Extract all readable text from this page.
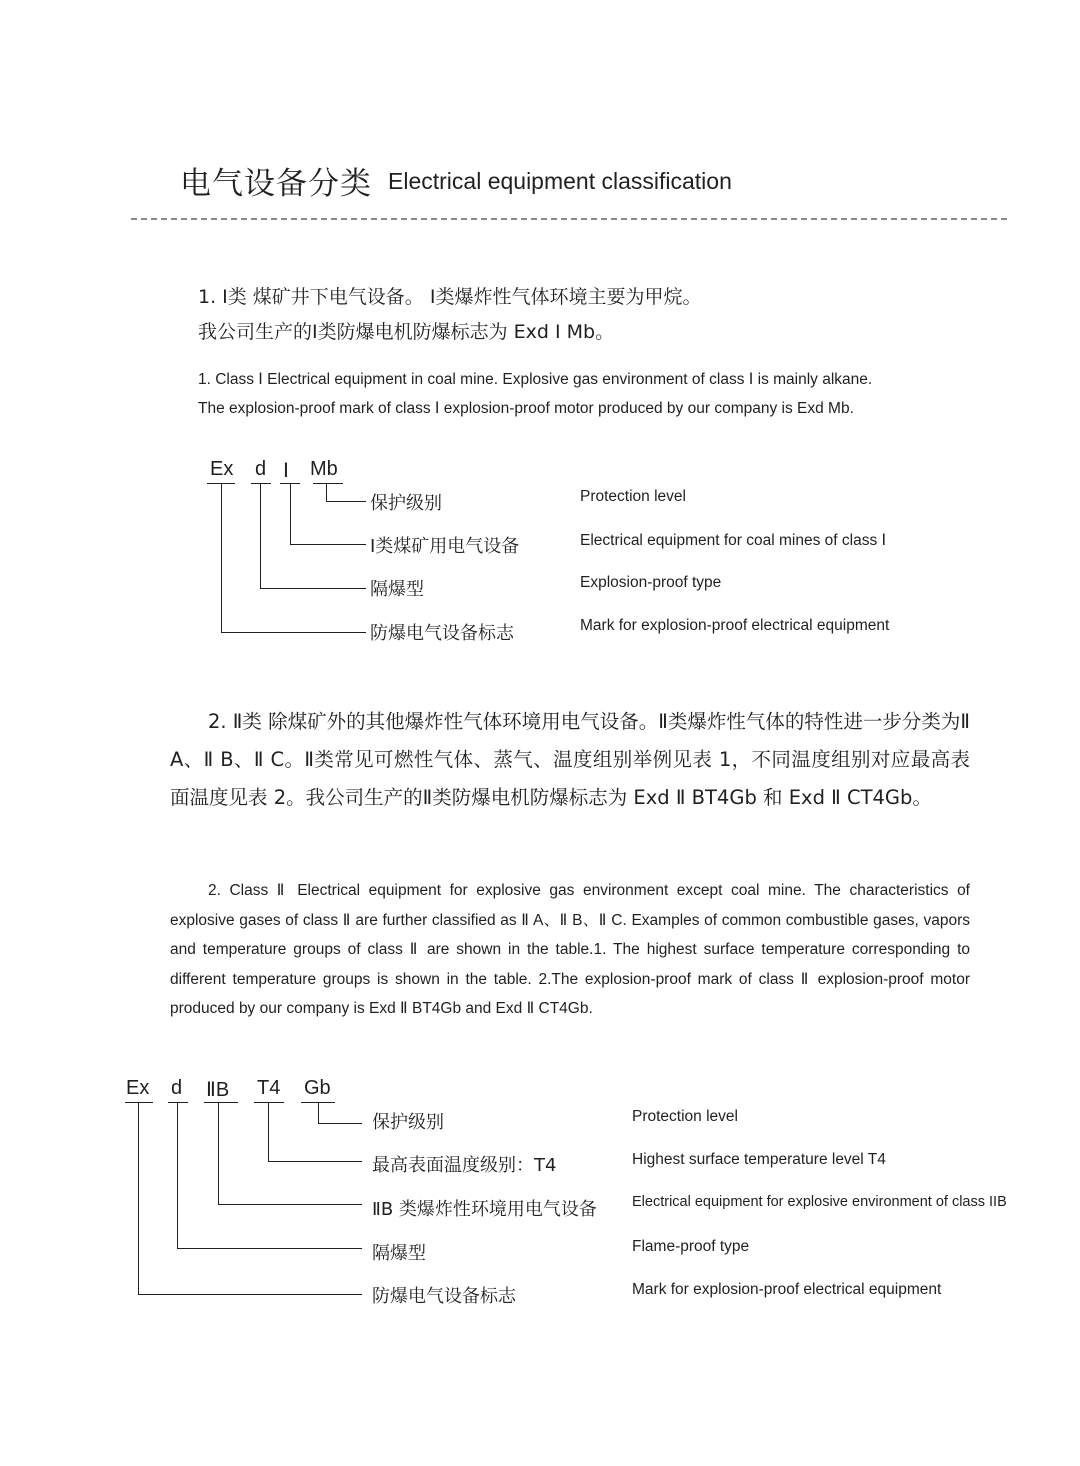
电气设备分类 Electrical equipment classification
1. Ⅰ类 煤矿井下电气设备。 Ⅰ类爆炸性气体环境主要为甲烷。
我公司生产的Ⅰ类防爆电机防爆标志为 Exd Ⅰ Mb。
1. Class Ⅰ Electrical equipment in coal mine. Explosive gas environment of class Ⅰ is mainly alkane.
The explosion-proof mark of class Ⅰ explosion-proof motor produced by our company is Exd Mb.
Ex d Ⅰ Mb
保护级别	Protection level
Ⅰ类煤矿用电气设备	Electrical equipment for coal mines of class Ⅰ
隔爆型	Explosion-proof type
防爆电气设备标志	Mark for explosion-proof electrical equipment
2. Ⅱ类 除煤矿外的其他爆炸性气体环境用电气设备。Ⅱ类爆炸性气体的特性进一步分类为Ⅱ A、Ⅱ B、Ⅱ C。Ⅱ类常见可燃性气体、蒸气、温度组别举例见表 1，不同温度组别对应最高表面温度见表 2。我公司生产的Ⅱ类防爆电机防爆标志为 Exd Ⅱ BT4Gb 和 Exd Ⅱ CT4Gb。
2. Class Ⅱ Electrical equipment for explosive gas environment except coal mine. The characteristics of explosive gases of class Ⅱ are further classified as Ⅱ A、Ⅱ B、Ⅱ C. Examples of common combustible gases, vapors and temperature groups of class Ⅱ are shown in the table.1. The highest surface temperature corresponding to different temperature groups is shown in the table. 2.The explosion-proof mark of class Ⅱ explosion-proof motor produced by our company is Exd Ⅱ BT4Gb and Exd Ⅱ CT4Gb.
Ex d ⅡB T4 Gb
保护级别	Protection level
最高表面温度级别：T4	Highest surface temperature level T4
ⅡB 类爆炸性环境用电气设备 Electrical equipment for explosive environment of class IIB
隔爆型	Flame-proof type
防爆电气设备标志	Mark for explosion-proof electrical equipment
